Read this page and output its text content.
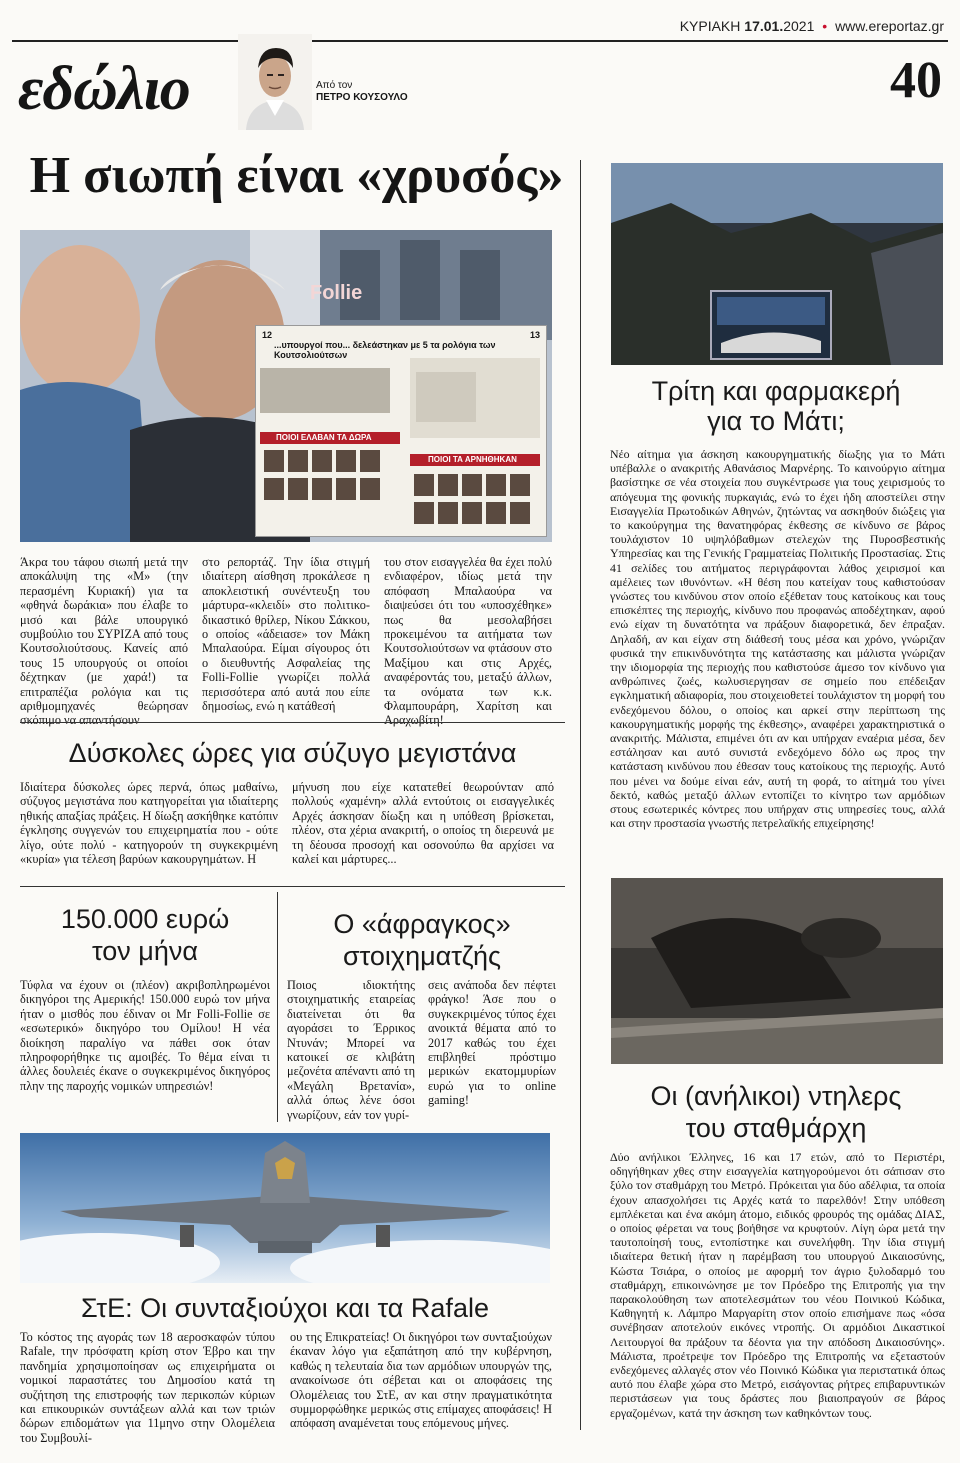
ΚΥΡΙΑΚΗ 17.01.2021 • www.ereportaz.gr
εδώλιο	Από τον
ΠΕΤΡΟ ΚΟΥΣΟΥΛΟ	40
Η σιωπή είναι «χρυσός»
Follie
12	13
...υπουργοί που... δελεάστηκαν με 5 τα ρολόγια των Κουτσολιούτσων
ΠΟΙΟΙ ΕΛΑΒΑΝ ΤΑ ΔΩΡΑ
ΠΟΙΟΙ ΤΑ ΑΡΝΗΘΗΚΑΝ
Άκρα του τάφου σιωπή μετά την αποκάλυψη της «Μ» (την περασμένη Κυριακή) για τα «φθηνά δωράκια» που έλαβε το μισό και βάλε υπουργικό συμβούλιο του ΣΥΡΙΖΑ από τους Κουτσολιούτσους. Κανείς από τους 15 υπουργούς οι οποίοι δέχτηκαν (με χαρά!) τα επιτραπέζια ρολόγια και τις αριθμομηχανές θεώρησαν σκόπιμο να απαντήσουν
στο ρεπορτάζ. Την ίδια στιγμή ιδιαίτερη αίσθηση προκάλεσε η αποκλειστική συνέντευξη του μάρτυρα-«κλειδί» στο πολιτικο-δικαστικό θρίλερ, Νίκου Σάκκου, ο οποίος «άδειασε» τον Μάκη Μπαλαούρα. Είμαι σίγουρος ότι ο διευθυντής Ασφαλείας της Folli-Follie γνωρίζει πολλά περισσότερα από αυτά που είπε δημοσίως, ενώ η κατάθεσή
του στον εισαγγελέα θα έχει πολύ ενδιαφέρον, ιδίως μετά την απόφαση Μπαλαούρα να διαψεύσει ότι του «υποσχέθηκε» πως θα μεσολαβήσει προκειμένου τα αιτήματα των Κουτσολιούτσων να φτάσουν στο Μαξίμου και στις Αρχές, αναφέροντάς του, μεταξύ άλλων, τα ονόματα των κ.κ. Φλαμπουράρη, Χαρίτση και Αραχωβίτη!
Δύσκολες ώρες για σύζυγο μεγιστάνα
Ιδιαίτερα δύσκολες ώρες περνά, όπως μαθαίνω, σύζυγος μεγιστάνα που κατηγορείται για ιδιαίτερης ηθικής απαξίας πράξεις. Η δίωξη ασκήθηκε κατόπιν έγκλησης συγγενών του επιχειρηματία που - ούτε λίγο, ούτε πολύ - κατηγορούν τη συγκεκριμένη «κυρία» για τέλεση βαρύων κακουργημάτων. Η
μήνυση που είχε κατατεθεί θεωρούνταν από πολλούς «χαμένη» αλλά εντούτοις οι εισαγγελικές Αρχές άσκησαν δίωξη και η υπόθεση βρίσκεται, πλέον, στα χέρια ανακριτή, ο οποίος τη διερευνά με τη δέουσα προσοχή και οσονούπω θα αρχίσει να καλεί και μάρτυρες...
150.000 ευρώ
τον μήνα
Τύφλα να έχουν οι (πλέον) ακριβοπληρωμένοι δικηγόροι της Αμερικής! 150.000 ευρώ τον μήνα ήταν ο μισθός που έδιναν οι Mr Folli-Follie σε «εσωτερικό» δικηγόρο του Ομίλου! Η νέα διοίκηση παραλίγο να πάθει σοκ όταν πληροφορήθηκε τις αμοιβές. Το θέμα είναι τι άλλες δουλειές έκανε ο συγκεκριμένος δικηγόρος πλην της παροχής νομικών υπηρεσιών!
Ο «άφραγκος»
στοιχηματζής
Ποιος ιδιοκτήτης στοιχηματικής εταιρείας διατείνεται ότι θα αγοράσει το Έρρικος Ντυνάν; Μπορεί να κατοικεί σε κλιβάτη μεζονέτα απέναντι από τη «Μεγάλη Βρετανία», αλλά όπως λένε όσοι γνωρίζουν, εάν τον γυρί-
σεις ανάποδα δεν πέφτει φράγκο! Άσε που ο συγκεκριμένος τύπος έχει ανοικτά θέματα από το 2017 καθώς του έχει επιβληθεί πρόστιμο μερικών εκατομμυρίων ευρώ για το online gaming!
ΣτΕ: Οι συνταξιούχοι και τα Rafale
Το κόστος της αγοράς των 18 αεροσκαφών τύπου Rafale, την πρόσφατη κρίση στον Έβρο και την πανδημία χρησιμοποίησαν ως επιχειρήματα οι νομικοί παραστάτες του Δημοσίου κατά τη συζήτηση της επιστροφής των περικοπών κύριων και επικουρικών συντάξεων αλλά και των τριών δώρων επιδομάτων για 11μηνο στην Ολομέλεια του Συμβουλί-
ου της Επικρατείας! Οι δικηγόροι των συνταξιούχων έκαναν λόγο για εξαπάτηση από την κυβέρνηση, καθώς η τελευταία δια των αρμόδιων υπουργών της, ανακοίνωσε ότι σέβεται και οι αποφάσεις της Ολομέλειας του ΣτΕ, αν και στην πραγματικότητα συμμορφώθηκε μερικώς στις επίμαχες αποφάσεις! Η απόφαση αναμένεται τους επόμενους μήνες.
Τρίτη και φαρμακερή
για το Μάτι;
Νέο αίτημα για άσκηση κακουργηματικής δίωξης για το Μάτι υπέβαλλε ο ανακριτής Αθανάσιος Μαρνέρης. Το καινούργιο αίτημα βασίστηκε σε νέα στοιχεία που συγκέντρωσε για τους χειρισμούς το απόγευμα της φονικής πυρκαγιάς, ενώ το έχει ήδη αποστείλει στην Εισαγγελία Πρωτοδικών Αθηνών, ζητώντας να ασκηθούν διώξεις για το κακούργημα της θανατηφόρας έκθεσης σε κίνδυνο σε βάρος τουλάχιστον 10 υψηλόβαθμων στελεχών της Πυροσβεστικής Υπηρεσίας και της Γενικής Γραμματείας Πολιτικής Προστασίας. Στις 41 σελίδες του αιτήματος περιγράφονται λάθος χειρισμοί και αμέλειες των ιθυνόντων. «Η θέση που κατείχαν τους καθιστούσαν γνώστες του κινδύνου στον οποίο εξέθεταν τους κατοίκους και τους επισκέπτες της περιοχής, κίνδυνο που προφανώς αποδέχτηκαν, αφού ενώ είχαν τη δυνατότητα να πράξουν διαφορετικά, δεν έπραξαν. Δηλαδή, αν και είχαν στη διάθεσή τους μέσα και χρόνο, γνώριζαν φυσικά την επικινδυνότητα της κατάστασης και μάλιστα γνώριζαν την ιδιομορφία της περιοχής που καθιστούσε άμεσο τον κίνδυνο για ανθρώπινες ζωές, κωλυσιεργησαν σε σημείο που επέδειξαν εγκληματική αδιαφορία, που στοιχειοθετεί τουλάχιστον τη μορφή του ενδεχόμενου δόλου, ο οποίος και αρκεί στην περίπτωση της κακουργηματικής μορφής της έκθεσης», αναφέρει χαρακτηριστικά ο ανακριτής. Μάλιστα, επιμένει ότι αν και υπήρχαν εναέρια μέσα, δεν εστάλησαν και αυτό συνιστά ενδεχόμενο δόλο ως προς την κατάσταση κινδύνου που έθεσαν τους κατοίκους της περιοχής. Αυτό που μένει να δούμε είναι εάν, αυτή τη φορά, το αίτημά του γίνει δεκτό, καθώς μεταξύ άλλων εντοπίζει το κίνητρο των αρμόδιων στους εσωτερικές κόντρες που υπήρχαν στις υπηρεσίες τους, αλλά και στην προστασία γνωστής πετρελαϊκής επιχείρησης!
Οι (ανήλικοι) ντηλερς
του σταθμάρχη
Δύο ανήλικοι Έλληνες, 16 και 17 ετών, από το Περιστέρι, οδηγήθηκαν χθες στην εισαγγελία κατηγορούμενοι ότι σάπισαν στο ξύλο τον σταθμάρχη του Μετρό. Πρόκειται για δύο αδέλφια, τα οποία έχουν απασχολήσει τις Αρχές κατά το παρελθόν! Στην υπόθεση εμπλέκεται και ένα ακόμη άτομο, ειδικός φρουρός της ομάδας ΔΙΑΣ, ο οποίος φέρεται να τους βοήθησε να κρυφτούν. Λίγη ώρα μετά την ταυτοποίησή τους, εντοπίστηκε και συνελήφθη. Την ίδια στιγμή ιδιαίτερα θετική ήταν η παρέμβαση του υπουργού Δικαιοσύνης, Κώστα Τσιάρα, ο οποίος με αφορμή τον άγριο ξυλοδαρμό του σταθμάρχη, επικοινώνησε με τον Πρόεδρο της Επιτροπής για την παρακολούθηση των αποτελεσμάτων του νέου Ποινικού Κώδικα, Καθηγητή κ. Λάμπρο Μαργαρίτη στον οποίο επισήμανε πως «όσα συνέβησαν αποτελούν εικόνες ντροπής. Οι αρμόδιοι Δικαστικοί Λειτουργοί θα πράξουν τα δέοντα για την απόδοση Δικαιοσύνης». Μάλιστα, προέτρεψε τον Πρόεδρο της Επιτροπής να εξεταστούν ενδεχόμενες αλλαγές στον νέο Ποινικό Κώδικα για περιστατικά όπως αυτό που έλαβε χώρα στο Μετρό, εισάγοντας ρήτρες επιβαρυντικών περιστάσεων για τους δράστες που βιαιοπραγούν σε βάρος εργαζομένων, κατά την άσκηση των καθηκόντων τους.
